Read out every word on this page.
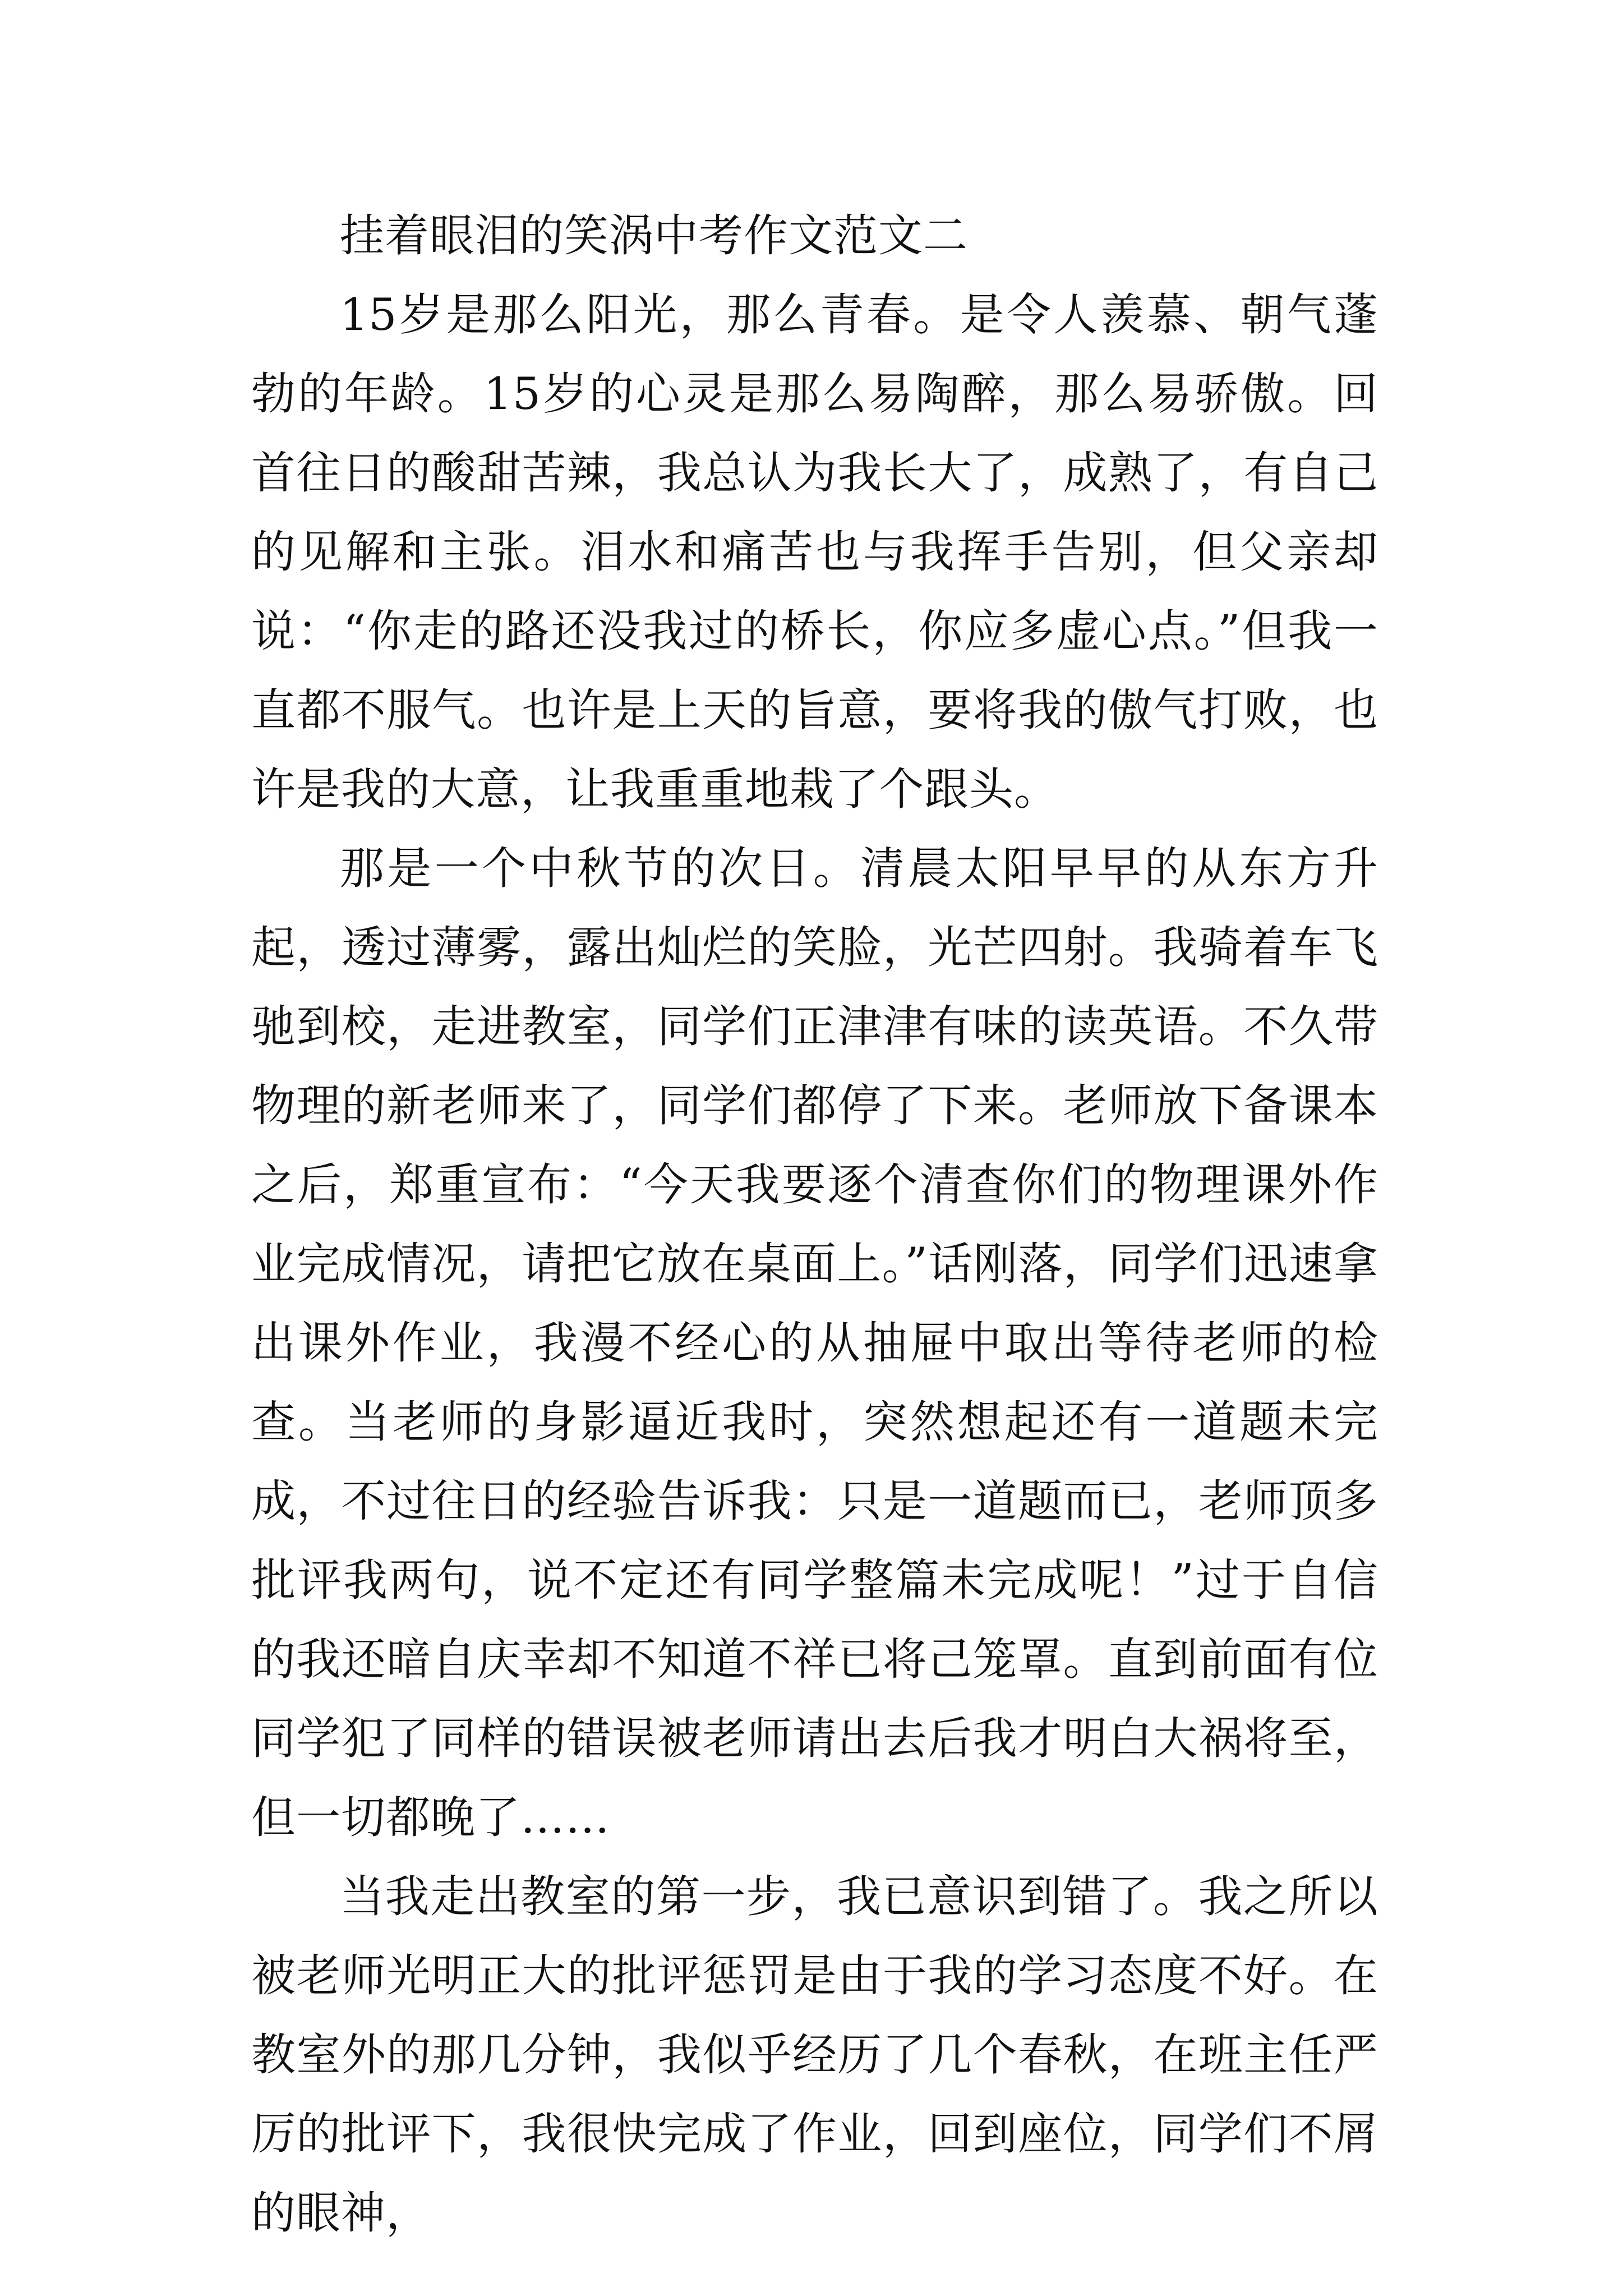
挂着眼泪的笑涡中考作文范文二

15岁是那么阳光，那么青春。是令人羡慕、朝气蓬勃的年龄。15岁的心灵是那么易陶醉，那么易骄傲。回首往日的酸甜苦辣，我总认为我长大了，成熟了，有自己的见解和主张。泪水和痛苦也与我挥手告别，但父亲却说：“你走的路还没我过的桥长，你应多虚心点。”但我一直都不服气。也许是上天的旨意，要将我的傲气打败，也许是我的大意，让我重重地栽了个跟头。

那是一个中秋节的次日。清晨太阳早早的从东方升起，透过薄雾，露出灿烂的笑脸，光芒四射。我骑着车飞驰到校，走进教室，同学们正津津有味的读英语。不久带物理的新老师来了，同学们都停了下来。老师放下备课本之后，郑重宣布：“今天我要逐个清查你们的物理课外作业完成情况，请把它放在桌面上。”话刚落，同学们迅速拿出课外作业，我漫不经心的从抽屉中取出等待老师的检查。当老师的身影逼近我时，突然想起还有一道题未完成，不过往日的经验告诉我：只是一道题而已，老师顶多批评我两句，说不定还有同学整篇未完成呢！”过于自信的我还暗自庆幸却不知道不祥已将己笼罩。直到前面有位同学犯了同样的错误被老师请出去后我才明白大祸将至，但一切都晚了……

当我走出教室的第一步，我已意识到错了。我之所以被老师光明正大的批评惩罚是由于我的学习态度不好。在教室外的那几分钟，我似乎经历了几个春秋，在班主任严厉的批评下，我很快完成了作业，回到座位，同学们不屑的眼神，
